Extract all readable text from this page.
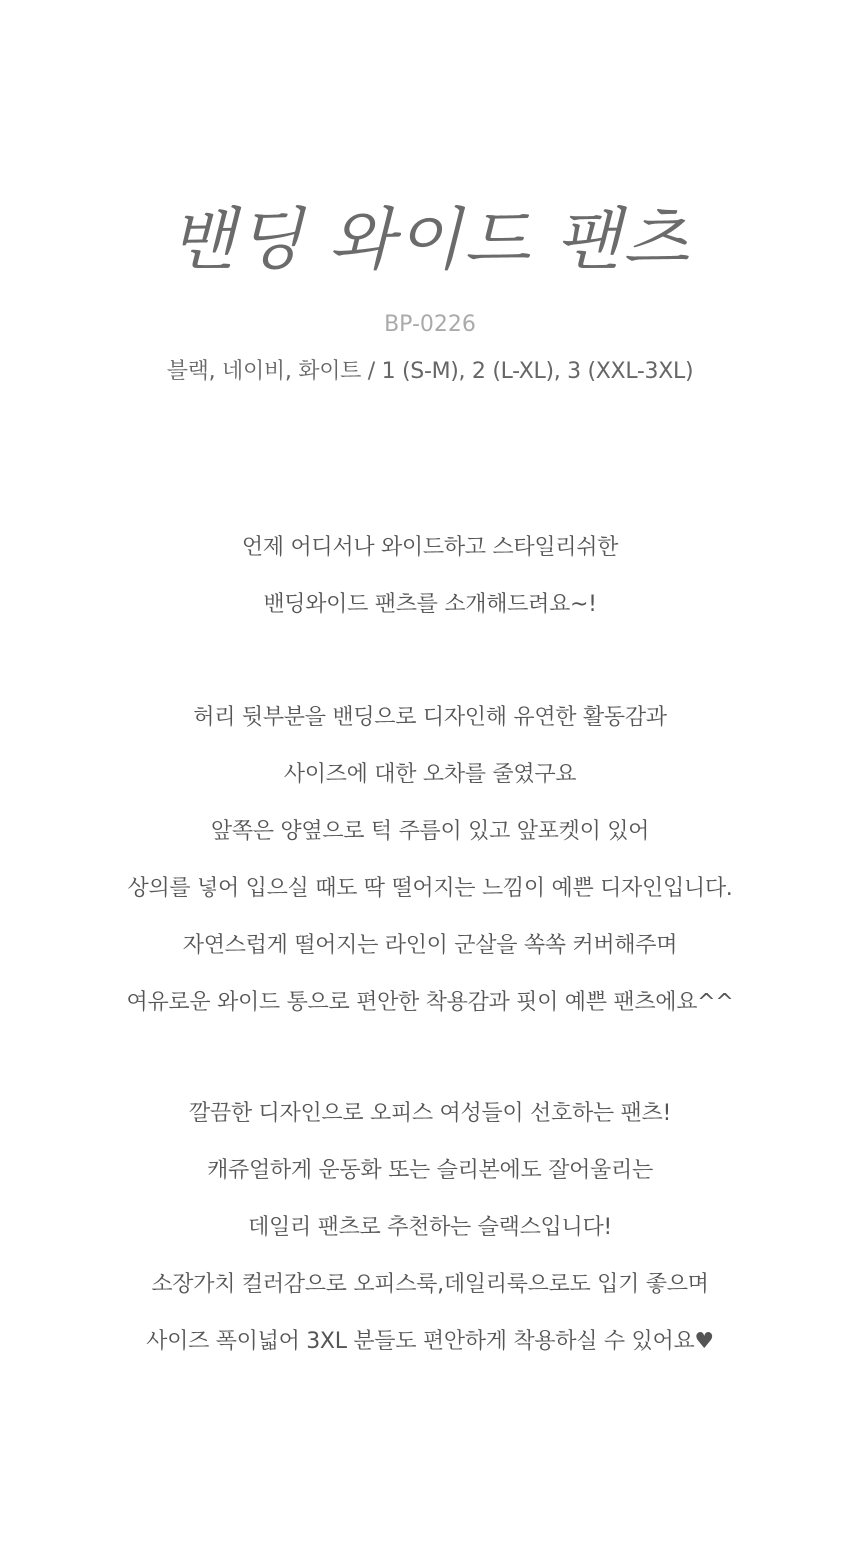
밴딩 와이드 팬츠
BP-0226
블랙, 네이비, 화이트 / 1 (S-M), 2 (L-XL), 3 (XXL-3XL)
언제 어디서나 와이드하고 스타일리쉬한
밴딩와이드 팬츠를 소개해드려요~!
허리 뒷부분을 밴딩으로 디자인해 유연한 활동감과
사이즈에 대한 오차를 줄였구요
앞쪽은 양옆으로 턱 주름이 있고 앞포켓이 있어
상의를 넣어 입으실 때도 딱 떨어지는 느낌이 예쁜 디자인입니다.
자연스럽게 떨어지는 라인이 군살을 쏙쏙 커버해주며
여유로운 와이드 통으로 편안한 착용감과 핏이 예쁜 팬츠에요^^
깔끔한 디자인으로 오피스 여성들이 선호하는 팬츠!
캐쥬얼하게 운동화 또는 슬리본에도 잘어울리는
데일리 팬츠로 추천하는 슬랙스입니다!
소장가치 컬러감으로 오피스룩,데일리룩으로도 입기 좋으며
사이즈 폭이넓어 3XL 분들도 편안하게 착용하실 수 있어요♥
